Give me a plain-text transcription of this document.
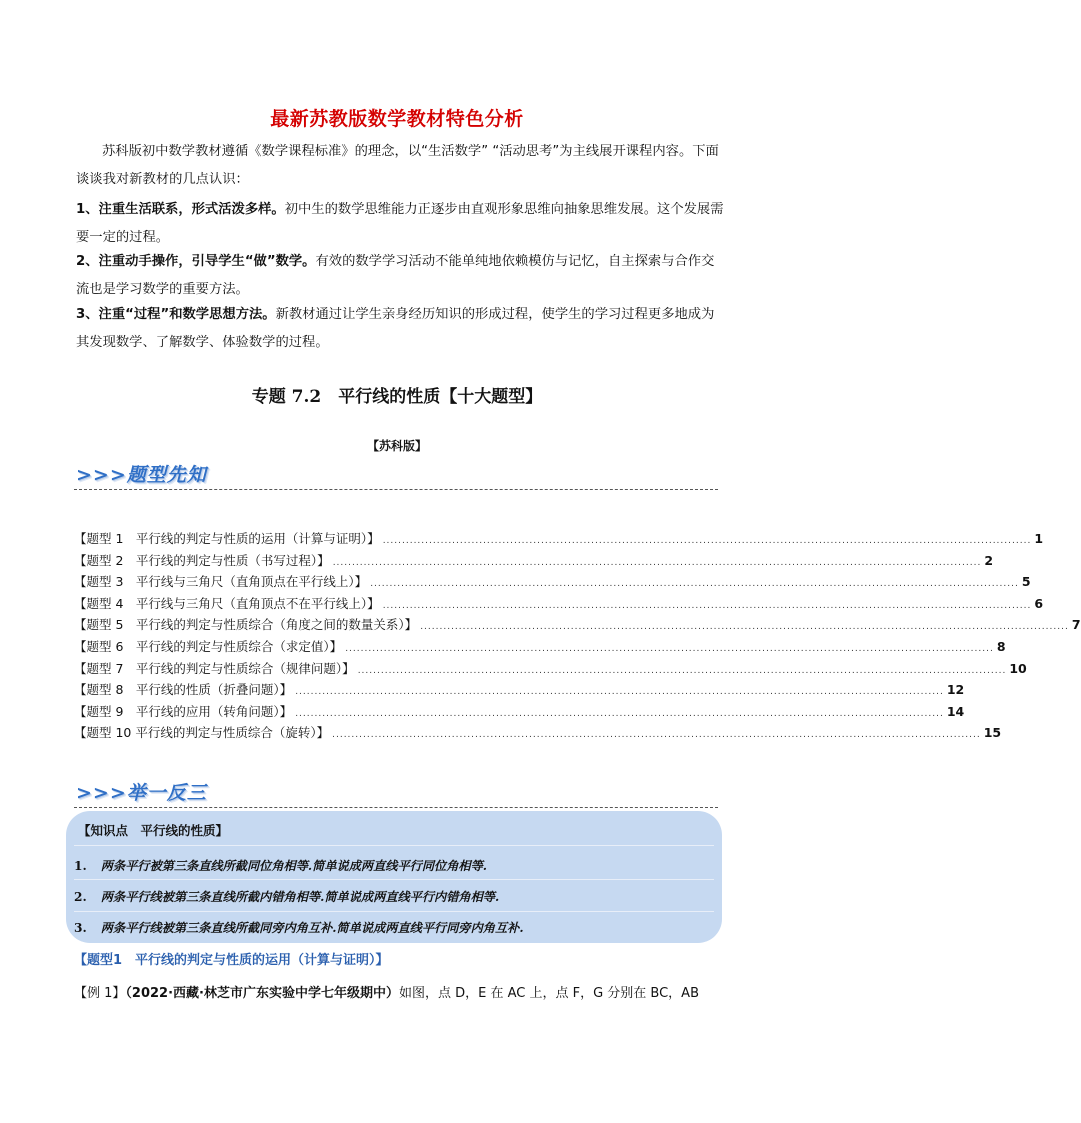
最新苏教版数学教材特色分析
苏科版初中数学教材遵循《数学课程标准》的理念，以“生活数学” “活动思考”为主线展开课程内容。下面谈谈我对新教材的几点认识：
1、注重生活联系，形式活泼多样。初中生的数学思维能力正逐步由直观形象思维向抽象思维发展。这个发展需要一定的过程。
2、注重动手操作，引导学生“做”数学。有效的数学学习活动不能单纯地依赖模仿与记忆，自主探索与合作交流也是学习数学的重要方法。
3、注重“过程”和数学思想方法。新教材通过让学生亲身经历知识的形成过程，使学生的学习过程更多地成为其发现数学、了解数学、体验数学的过程。
专题 7.2　平行线的性质【十大题型】
【苏科版】
>>>题型先知
【题型 1　平行线的判定与性质的运用（计算与证明）】 ........................................................................................................................................................................ 1
【题型 2　平行线的判定与性质（书写过程）】 ........................................................................................................................................................................ 2
【题型 3　平行线与三角尺（直角顶点在平行线上）】 ........................................................................................................................................................................ 5
【题型 4　平行线与三角尺（直角顶点不在平行线上）】 ........................................................................................................................................................................ 6
【题型 5　平行线的判定与性质综合（角度之间的数量关系）】 ........................................................................................................................................................................ 7
【题型 6　平行线的判定与性质综合（求定值）】 ........................................................................................................................................................................ 8
【题型 7　平行线的判定与性质综合（规律问题）】 ........................................................................................................................................................................ 10
【题型 8　平行线的性质（折叠问题）】 ........................................................................................................................................................................ 12
【题型 9　平行线的应用（转角问题）】 ........................................................................................................................................................................ 14
【题型 10 平行线的判定与性质综合（旋转）】 ........................................................................................................................................................................ 15
>>>举一反三
【知识点　平行线的性质】
1. 两条平行被第三条直线所截同位角相等.简单说成两直线平行同位角相等.
2. 两条平行线被第三条直线所截内错角相等.简单说成两直线平行内错角相等.
3. 两条平行线被第三条直线所截同旁内角互补.简单说成两直线平行同旁内角互补.
【题型1　平行线的判定与性质的运用（计算与证明）】
【例 1】（2022·西藏·林芝市广东实验中学七年级期中）如图，点 D，E 在 AC 上，点 F，G 分别在 BC，AB
